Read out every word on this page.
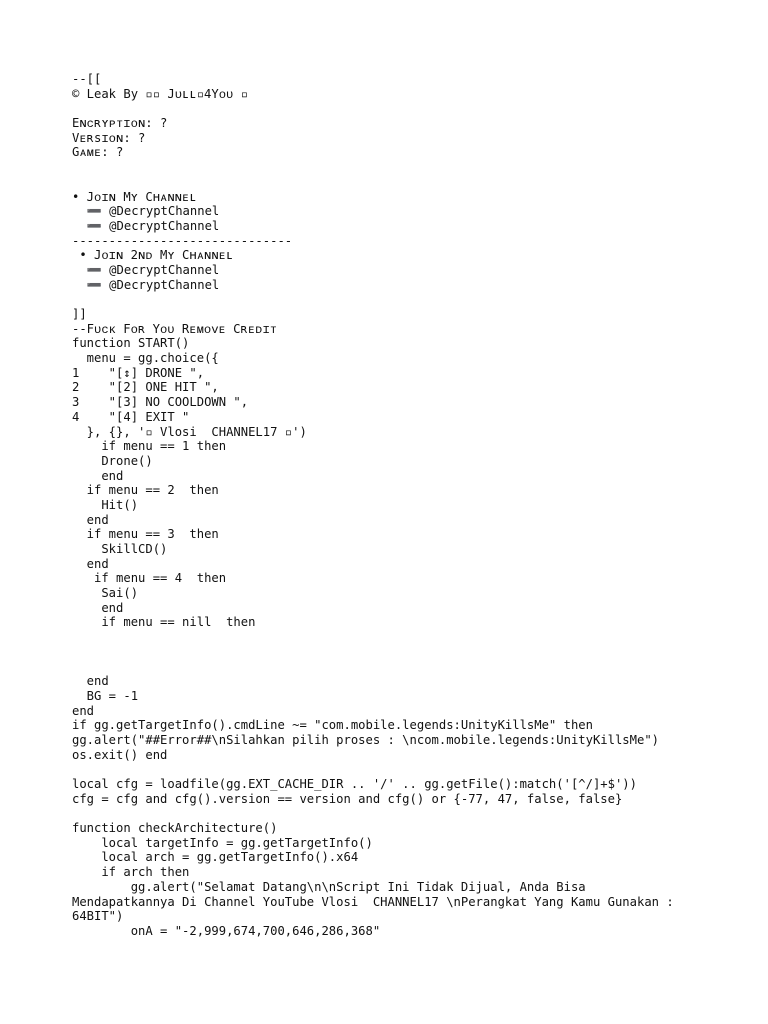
--[[
© Leak By ▫▫ Jᴜʟʟ▫4Yᴏᴜ ▫
Eɴᴄʀʏᴘᴛɪᴏɴ: ?
Vᴇʀsɪᴏɴ: ?
Gᴀᴍᴇ: ?
• Jᴏɪɴ Mʏ Cʜᴀɴɴᴇʟ
➖ @DecryptChannel
➖ @DecryptChannel
------------------------------
• Jᴏɪɴ 2ɴᴅ Mʏ Cʜᴀɴɴᴇʟ
➖ @DecryptChannel
➖ @DecryptChannel
]]
--Fᴜᴄᴋ Fᴏʀ Yᴏᴜ Rᴇᴍᴏᴠᴇ Cʀᴇᴅɪᴛ
function START()
menu = gg.choice({
1    "[↕] DRONE ",
2    "[2] ONE HIT ",
3    "[3] NO COOLDOWN ",
4    "[4] EXIT "
}, {}, '▫ Vlosi  CHANNEL17 ▫')
if menu == 1 then
Drone()
end
if menu == 2  then
Hit()
end
if menu == 3  then
SkillCD()
end
if menu == 4  then
Sai()
end
if menu == nill  then
end
BG = -1
end
if gg.getTargetInfo().cmdLine ~= "com.mobile.legends:UnityKillsMe" then
gg.alert("##Error##\nSilahkan pilih proses : \ncom.mobile.legends:UnityKillsMe")
os.exit() end
local cfg = loadfile(gg.EXT_CACHE_DIR .. '/' .. gg.getFile():match('[^/]+$'))
cfg = cfg and cfg().version == version and cfg() or {-77, 47, false, false}
function checkArchitecture()
local targetInfo = gg.getTargetInfo()
local arch = gg.getTargetInfo().x64
if arch then
gg.alert("Selamat Datang\n\nScript Ini Tidak Dijual, Anda Bisa
Mendapatkannya Di Channel YouTube Vlosi  CHANNEL17 \nPerangkat Yang Kamu Gunakan :
64BIT")
onA = "-2,999,674,700,646,286,368"
